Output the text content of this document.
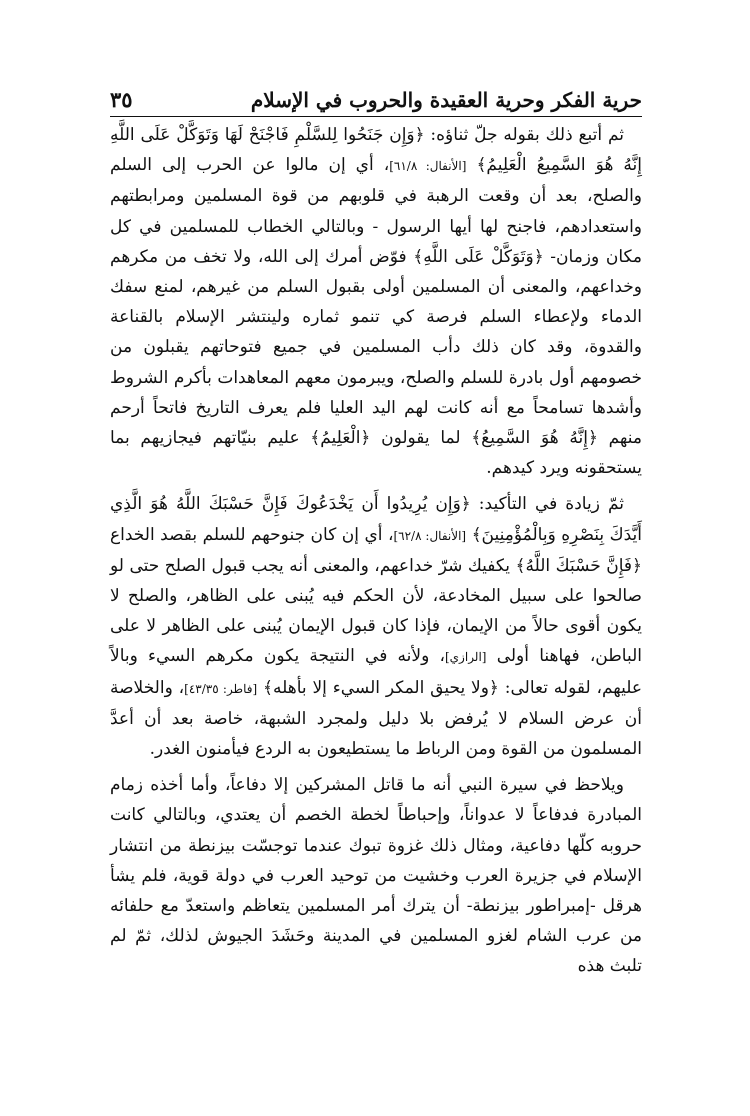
حرية الفكر وحرية العقيدة والحروب في الإسلام
٣٥

ثم أتبع ذلك بقوله جلّ ثناؤه: ﴿وَإِن جَنَحُوا لِلسَّلْمِ فَاجْنَحْ لَهَا وَتَوَكَّلْ عَلَى اللَّهِ إِنَّهُ هُوَ السَّمِيعُ الْعَلِيمُ﴾ [الأنفال: ٦١/٨]، أي إن مالوا عن الحرب إلى السلم والصلح، بعد أن وقعت الرهبة في قلوبهم من قوة المسلمين ومرابطتهم واستعدادهم، فاجنح لها أيها الرسول - وبالتالي الخطاب للمسلمين في كل مكان وزمان- ﴿وَتَوَكَّلْ عَلَى اللَّهِ﴾ فوّض أمرك إلى الله، ولا تخف من مكرهم وخداعهم، والمعنى أن المسلمين أولى بقبول السلم من غيرهم، لمنع سفك الدماء ولإعطاء السلم فرصة كي تنمو ثماره ولينتشر الإسلام بالقناعة والقدوة، وقد كان ذلك دأب المسلمين في جميع فتوحاتهم يقبلون من خصومهم أول بادرة للسلم والصلح، ويبرمون معهم المعاهدات بأكرم الشروط وأشدها تسامحاً مع أنه كانت لهم اليد العليا فلم يعرف التاريخ فاتحاً أرحم منهم ﴿إِنَّهُ هُوَ السَّمِيعُ﴾ لما يقولون ﴿الْعَلِيمُ﴾ عليم بنيّاتهم فيجازيهم بما يستحقونه ويرد كيدهم.

ثمّ زيادة في التأكيد: ﴿وَإِن يُرِيدُوا أَن يَخْدَعُوكَ فَإِنَّ حَسْبَكَ اللَّهُ هُوَ الَّذِي أَيَّدَكَ بِنَصْرِهِ وَبِالْمُؤْمِنِينَ﴾ [الأنفال: ٦٢/٨]، أي إن كان جنوحهم للسلم بقصد الخداع ﴿فَإِنَّ حَسْبَكَ اللَّهُ﴾ يكفيك شرّ خداعهم، والمعنى أنه يجب قبول الصلح حتى لو صالحوا على سبيل المخادعة، لأن الحكم فيه يُبنى على الظاهر، والصلح لا يكون أقوى حالاً من الإيمان، فإذا كان قبول الإيمان يُبنى على الظاهر لا على الباطن، فهاهنا أولى [الرازي]، ولأنه في النتيجة يكون مكرهم السيء وبالاً عليهم، لقوله تعالى: ﴿ولا يحيق المكر السيء إلا بأهله﴾ [فاطر: ٤٣/٣٥]، والخلاصة أن عرض السلام لا يُرفض بلا دليل ولمجرد الشبهة، خاصة بعد أن أعدَّ المسلمون من القوة ومن الرباط ما يستطيعون به الردع فيأمنون الغدر.

ويلاحظ في سيرة النبي أنه ما قاتل المشركين إلا دفاعاً، وأما أخذه زمام المبادرة فدفاعاً لا عدواناً، وإحباطاً لخطة الخصم أن يعتدي، وبالتالي كانت حروبه كلّها دفاعية، ومثال ذلك غزوة تبوك عندما توجسّت بيزنطة من انتشار الإسلام في جزيرة العرب وخشيت من توحيد العرب في دولة قوية، فلم يشأ هرقل -إمبراطور بيزنطة- أن يترك أمر المسلمين يتعاظم واستعدّ مع حلفائه من عرب الشام لغزو المسلمين في المدينة وحَشَدَ الجيوش لذلك، ثمّ لم تلبث هذه
